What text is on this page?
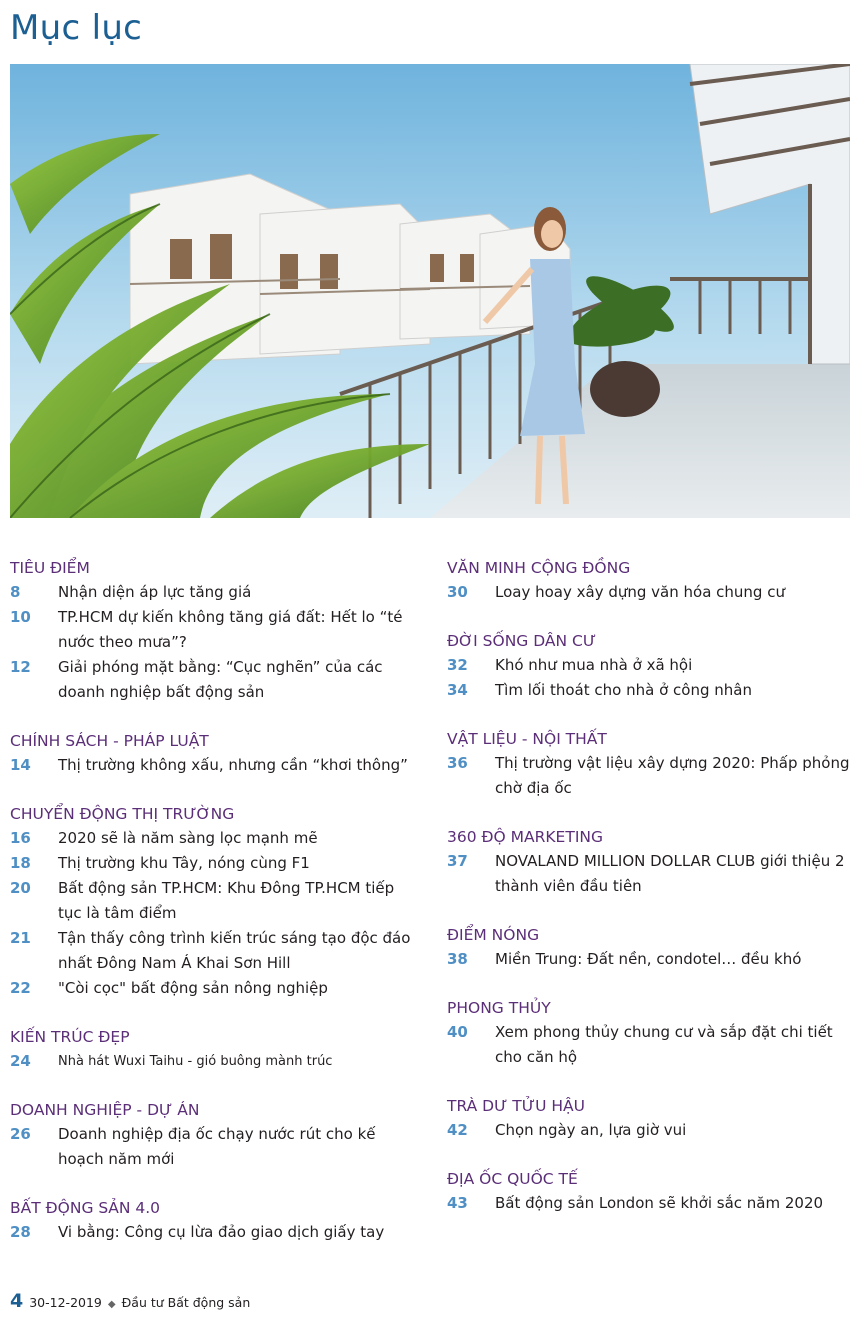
Mục lục
TIÊU ĐIỂM
8	Nhận diện áp lực tăng giá
10	TP.HCM dự kiến không tăng giá đất: Hết lo “té nước theo mưa”?
12	Giải phóng mặt bằng: “Cục nghẽn” của các doanh nghiệp bất động sản
CHÍNH SÁCH - PHÁP LUẬT
14	Thị trường không xấu, nhưng cần “khơi thông”
CHUYỂN ĐỘNG THỊ TRƯỜNG
16	2020 sẽ là năm sàng lọc mạnh mẽ
18	Thị trường khu Tây, nóng cùng F1
20	Bất động sản TP.HCM: Khu Đông TP.HCM tiếp tục là tâm điểm
21	Tận thấy công trình kiến trúc sáng tạo độc đáo nhất Đông Nam Á Khai Sơn Hill
22	"Còi cọc" bất động sản nông nghiệp
KIẾN TRÚC ĐẸP
24	Nhà hát Wuxi Taihu - gió buông mành trúc
DOANH NGHIỆP - DỰ ÁN
26	Doanh nghiệp địa ốc chạy nước rút cho kế hoạch năm mới
BẤT ĐỘNG SẢN 4.0
28	Vi bằng: Công cụ lừa đảo giao dịch giấy tay
VĂN MINH CỘNG ĐỒNG
30	Loay hoay xây dựng văn hóa chung cư
ĐỜI SỐNG DÂN CƯ
32	Khó như mua nhà ở xã hội
34	Tìm lối thoát cho nhà ở công nhân
VẬT LIỆU - NỘI THẤT
36	Thị trường vật liệu xây dựng 2020: Phấp phỏng chờ địa ốc
360 ĐỘ MARKETING
37	NOVALAND MILLION DOLLAR CLUB giới thiệu 2 thành viên đầu tiên
ĐIỂM NÓNG
38	Miền Trung: Đất nền, condotel… đều khó
PHONG THỦY
40	Xem phong thủy chung cư và sắp đặt chi tiết cho căn hộ
TRÀ DƯ TỬU HẬU
42	Chọn ngày an, lựa giờ vui
ĐỊA ỐC QUỐC TẾ
43	Bất động sản London sẽ khởi sắc năm 2020
4 30-12-2019 ◆ Đầu tư Bất động sản
